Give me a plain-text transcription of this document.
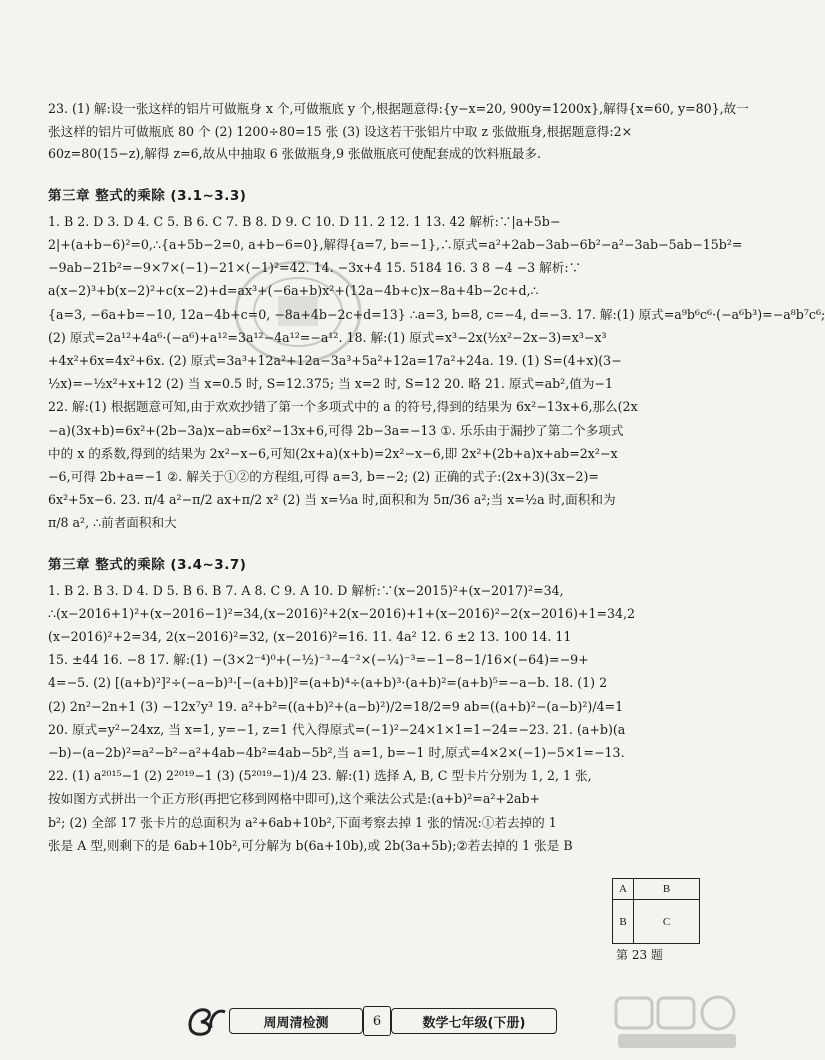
23. (1) 解:设一张这样的铝片可做瓶身 x 个,可做瓶底 y 个,根据题意得:{y−x=20, 900y=1200x},解得{x=60, y=80},故一
张这样的铝片可做瓶底 80 个 (2) 1200÷80=15 张 (3) 设这若干张铝片中取 z 张做瓶身,根据题意得:2×
60z=80(15−z),解得 z=6,故从中抽取 6 张做瓶身,9 张做瓶底可使配套成的饮料瓶最多.
第三章 整式的乘除 (3.1∼3.3)
1. B 2. D 3. D 4. C 5. B 6. C 7. B 8. D 9. C 10. D 11. 2 12. 1 13. 42 解析:∵|a+5b−
2|+(a+b−6)²=0,∴{a+5b−2=0, a+b−6=0},解得{a=7, b=−1},∴原式=a²+2ab−3ab−6b²−a²−3ab−5ab−15b²=
−9ab−21b²=−9×7×(−1)−21×(−1)²=42. 14. −3x+4 15. 5184 16. 3 8 −4 −3 解析:∵
a(x−2)³+b(x−2)²+c(x−2)+d=ax³+(−6a+b)x²+(12a−4b+c)x−8a+4b−2c+d,∴
{a=3, −6a+b=−10, 12a−4b+c=0, −8a+4b−2c+d=13} ∴a=3, b=8, c=−4, d=−3. 17. 解:(1) 原式=a⁹b⁶c⁶·(−a⁶b³)=−a⁸b⁷c⁶;
(2) 原式=2a¹²+4a⁶·(−a⁶)+a¹²=3a¹²−4a¹²=−a¹². 18. 解:(1) 原式=x³−2x(½x²−2x−3)=x³−x³
+4x²+6x=4x²+6x. (2) 原式=3a³+12a²+12a−3a³+5a²+12a=17a²+24a. 19. (1) S=(4+x)(3−
½x)=−½x²+x+12 (2) 当 x=0.5 时, S=12.375; 当 x=2 时, S=12 20. 略 21. 原式=ab²,值为−1
22. 解:(1) 根据题意可知,由于欢欢抄错了第一个多项式中的 a 的符号,得到的结果为 6x²−13x+6,那么(2x
−a)(3x+b)=6x²+(2b−3a)x−ab=6x²−13x+6,可得 2b−3a=−13 ①. 乐乐由于漏抄了第二个多项式
中的 x 的系数,得到的结果为 2x²−x−6,可知(2x+a)(x+b)=2x²−x−6,即 2x²+(2b+a)x+ab=2x²−x
−6,可得 2b+a=−1 ②. 解关于①②的方程组,可得 a=3, b=−2; (2) 正确的式子:(2x+3)(3x−2)=
6x²+5x−6. 23. π/4 a²−π/2 ax+π/2 x² (2) 当 x=⅓a 时,面积和为 5π/36 a²;当 x=½a 时,面积和为
π/8 a², ∴前者面积和大
第三章 整式的乘除 (3.4∼3.7)
1. B 2. B 3. D 4. D 5. B 6. B 7. A 8. C 9. A 10. D 解析:∵(x−2015)²+(x−2017)²=34,
∴(x−2016+1)²+(x−2016−1)²=34,(x−2016)²+2(x−2016)+1+(x−2016)²−2(x−2016)+1=34,2
(x−2016)²+2=34, 2(x−2016)²=32, (x−2016)²=16. 11. 4a² 12. 6 ±2 13. 100 14. 11
15. ±44 16. −8 17. 解:(1) −(3×2⁻⁴)⁰+(−½)⁻³−4⁻²×(−¼)⁻³=−1−8−1/16×(−64)=−9+
4=−5. (2) [(a+b)²]²÷(−a−b)³·[−(a+b)]²=(a+b)⁴÷(a+b)³·(a+b)²=(a+b)⁵=−a−b. 18. (1) 2
(2) 2n²−2n+1 (3) −12x⁷y³ 19. a²+b²=((a+b)²+(a−b)²)/2=18/2=9 ab=((a+b)²−(a−b)²)/4=1
20. 原式=y²−24xz, 当 x=1, y=−1, z=1 代入得原式=(−1)²−24×1×1=1−24=−23. 21. (a+b)(a
−b)−(a−2b)²=a²−b²−a²+4ab−4b²=4ab−5b²,当 a=1, b=−1 时,原式=4×2×(−1)−5×1=−13.
22. (1) a²⁰¹⁵−1 (2) 2²⁰¹⁹−1 (3) (5²⁰¹⁹−1)/4 23. 解:(1) 选择 A, B, C 型卡片分别为 1, 2, 1 张,
按如图方式拼出一个正方形(再把它移到网格中即可),这个乘法公式是:(a+b)²=a²+2ab+
b²; (2) 全部 17 张卡片的总面积为 a²+6ab+10b²,下面考察去掉 1 张的情况:①若去掉的 1
张是 A 型,则剩下的是 6ab+10b²,可分解为 b(6a+10b),或 2b(3a+5b);②若去掉的 1 张是 B
A	B
B	C
第 23 题
周周清检测	6	数学七年级(下册)
